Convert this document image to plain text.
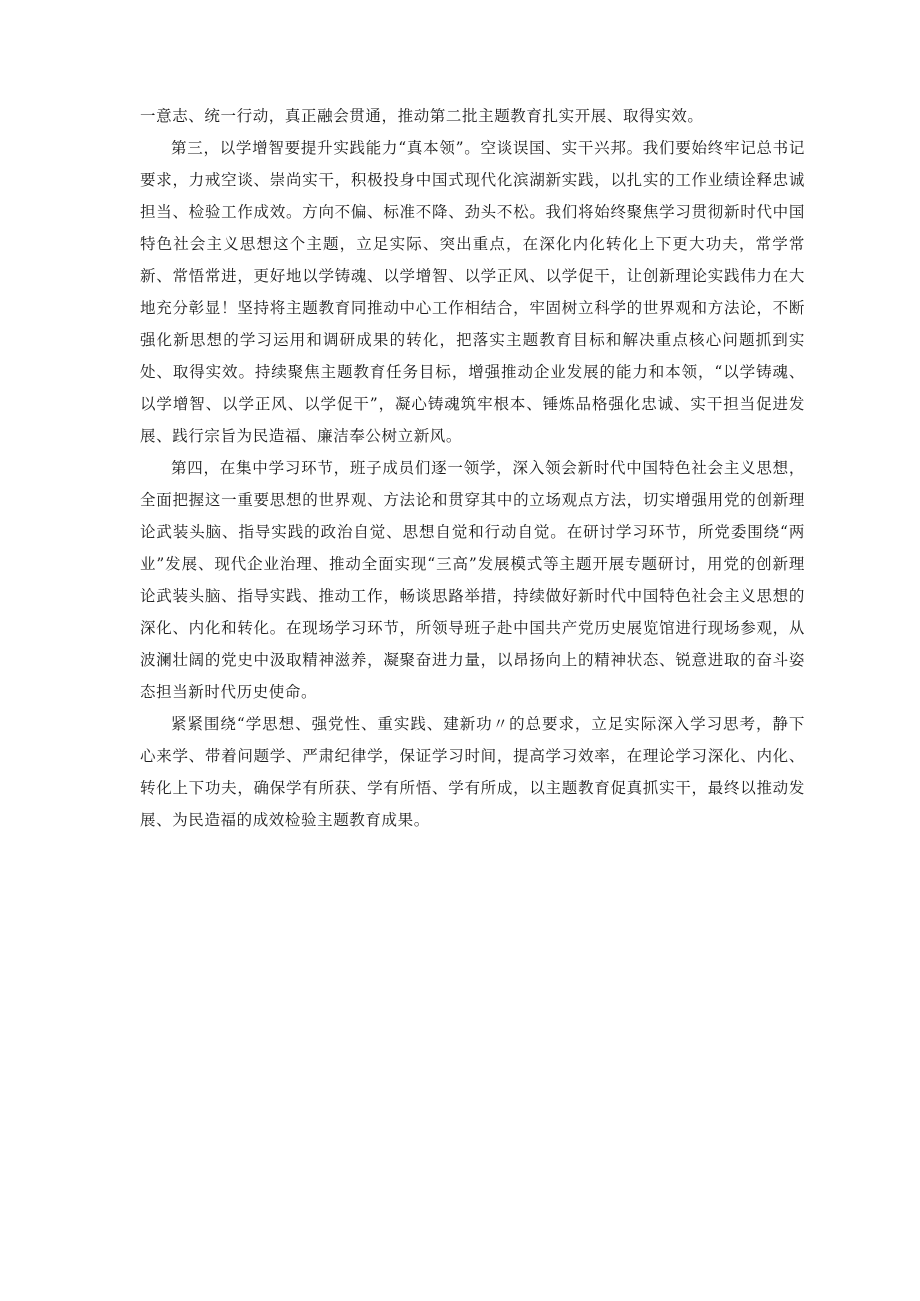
一意志、统一行动，真正融会贯通，推动第二批主题教育扎实开展、取得实效。

第三，以学增智要提升实践能力“真本领”。空谈误国、实干兴邦。我们要始终牢记总书记要求，力戒空谈、崇尚实干，积极投身中国式现代化滨湖新实践，以扎实的工作业绩诠释忠诚担当、检验工作成效。方向不偏、标准不降、劲头不松。我们将始终聚焦学习贯彻新时代中国特色社会主义思想这个主题，立足实际、突出重点，在深化内化转化上下更大功夫，常学常新、常悟常进，更好地以学铸魂、以学增智、以学正风、以学促干，让创新理论实践伟力在大地充分彰显！坚持将主题教育同推动中心工作相结合，牢固树立科学的世界观和方法论，不断强化新思想的学习运用和调研成果的转化，把落实主题教育目标和解决重点核心问题抓到实处、取得实效。持续聚焦主题教育任务目标，增强推动企业发展的能力和本领，“以学铸魂、以学增智、以学正风、以学促干”，凝心铸魂筑牢根本、锤炼品格强化忠诚、实干担当促进发展、践行宗旨为民造福、廉洁奉公树立新风。

第四，在集中学习环节，班子成员们逐一领学，深入领会新时代中国特色社会主义思想，全面把握这一重要思想的世界观、方法论和贯穿其中的立场观点方法，切实增强用党的创新理论武装头脑、指导实践的政治自觉、思想自觉和行动自觉。在研讨学习环节，所党委围绕“两业”发展、现代企业治理、推动全面实现“三高”发展模式等主题开展专题研讨，用党的创新理论武装头脑、指导实践、推动工作，畅谈思路举措，持续做好新时代中国特色社会主义思想的深化、内化和转化。在现场学习环节，所领导班子赴中国共产党历史展览馆进行现场参观，从波澜壮阔的党史中汲取精神滋养，凝聚奋进力量，以昂扬向上的精神状态、锐意进取的奋斗姿态担当新时代历史使命。

紧紧围绕“学思想、强党性、重实践、建新功〃的总要求，立足实际深入学习思考，静下心来学、带着问题学、严肃纪律学，保证学习时间，提高学习效率，在理论学习深化、内化、转化上下功夫，确保学有所获、学有所悟、学有所成，以主题教育促真抓实干，最终以推动发展、为民造福的成效检验主题教育成果。
